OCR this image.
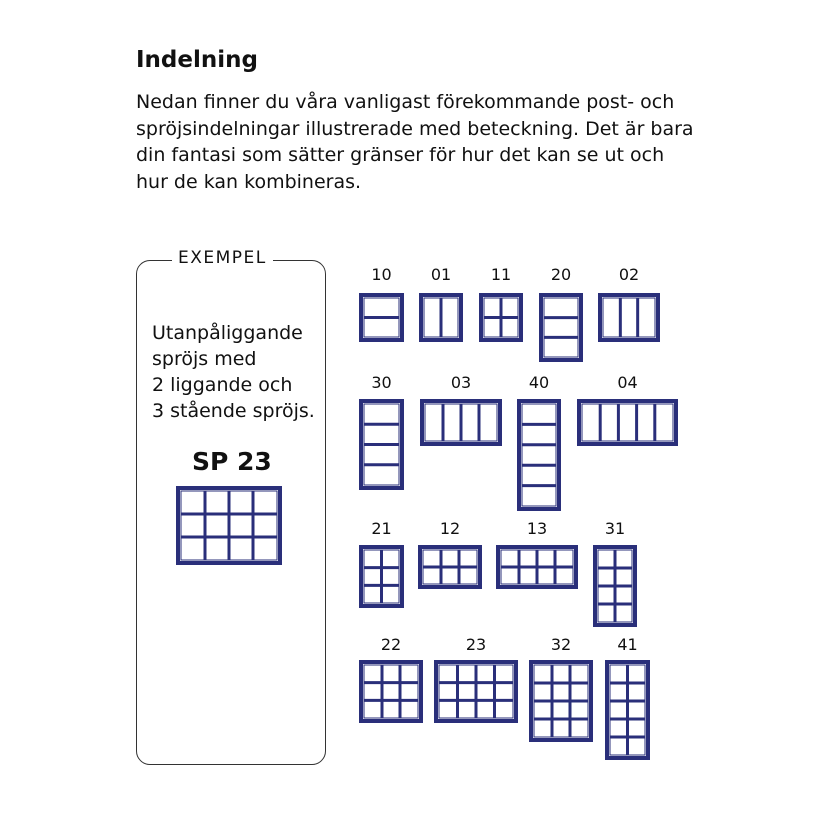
Indelning

Nedan finner du våra vanligast förekommande post- och spröjsindelningar illustrerade med beteckning. Det är bara din fantasi som sätter gränser för hur det kan se ut och hur de kan kombineras.

EXEMPEL

Utanpåliggande
spröjs med
2 liggande och
3 stående spröjs.

SP 23
10 01 11 20	02
30	03	40	04
21	12	13	31
22	23	32	41
